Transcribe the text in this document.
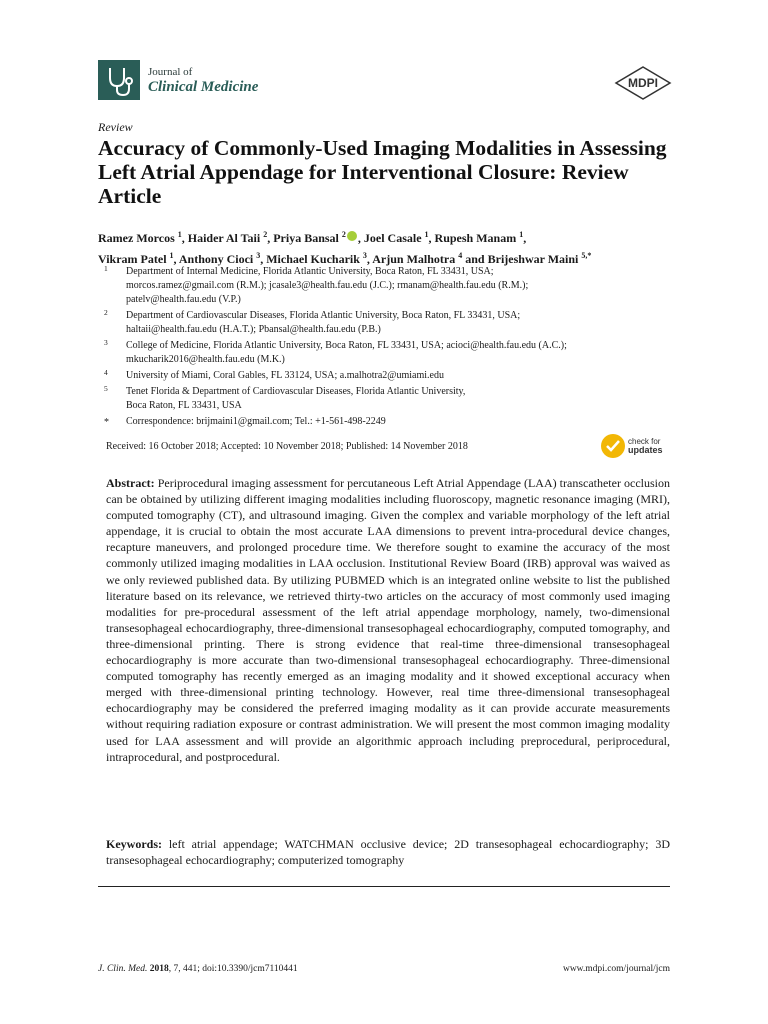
Journal of
Clinical Medicine	MDPI
Review
Accuracy of Commonly-Used Imaging Modalities in Assessing Left Atrial Appendage for Interventional Closure: Review Article
Ramez Morcos $^1$, Haider Al Taii $^2$, Priya Bansal $^2$ , Joel Casale $^1$, Rupesh Manam $^1$,
Vikram Patel $^1$, Anthony Cioci $^3$, Michael Kucharik $^3$, Arjun Malhotra $^4$ and Brijeshwar Maini $^{5,*}$
1 Department of Internal Medicine, Florida Atlantic University, Boca Raton, FL 33431, USA;
morcos.ramez@gmail.com (R.M.); jcasale3@health.fau.edu (J.C.); rmanam@health.fau.edu (R.M.);
patelv@health.fau.edu (V.P.)
2 Department of Cardiovascular Diseases, Florida Atlantic University, Boca Raton, FL 33431, USA;
haltaii@health.fau.edu (H.A.T.); Pbansal@health.fau.edu (P.B.)
3 College of Medicine, Florida Atlantic University, Boca Raton, FL 33431, USA; acioci@health.fau.edu (A.C.);
mkucharik2016@health.fau.edu (M.K.)
4 University of Miami, Coral Gables, FL 33124, USA; a.malhotra2@umiami.edu
5 Tenet Florida & Department of Cardiovascular Diseases, Florida Atlantic University,
Boca Raton, FL 33431, USA
* Correspondence: brijmaini1@gmail.com; Tel.: +1-561-498-2249
Received: 16 October 2018; Accepted: 10 November 2018; Published: 14 November 2018	check for
updates
Abstract: Periprocedural imaging assessment for percutaneous Left Atrial Appendage (LAA) transcatheter occlusion can be obtained by utilizing different imaging modalities including fluoroscopy, magnetic resonance imaging (MRI), computed tomography (CT), and ultrasound imaging. Given the complex and variable morphology of the left atrial appendage, it is crucial to obtain the most accurate LAA dimensions to prevent intra-procedural device changes, recapture maneuvers, and prolonged procedure time. We therefore sought to examine the accuracy of the most commonly utilized imaging modalities in LAA occlusion. Institutional Review Board (IRB) approval was waived as we only reviewed published data. By utilizing PUBMED which is an integrated online website to list the published literature based on its relevance, we retrieved thirty-two articles on the accuracy of most commonly used imaging modalities for pre-procedural assessment of the left atrial appendage morphology, namely, two-dimensional transesophageal echocardiography, three-dimensional transesophageal echocardiography, computed tomography, and three-dimensional printing. There is strong evidence that real-time three-dimensional transesophageal echocardiography is more accurate than two-dimensional transesophageal echocardiography. Three-dimensional computed tomography has recently emerged as an imaging modality and it showed exceptional accuracy when merged with three-dimensional printing technology. However, real time three-dimensional transesophageal echocardiography may be considered the preferred imaging modality as it can provide accurate measurements without requiring radiation exposure or contrast administration. We will present the most common imaging modality used for LAA assessment and will provide an algorithmic approach including preprocedural, periprocedural, intraprocedural, and postprocedural.
Keywords: left atrial appendage; WATCHMAN occlusive device; 2D transesophageal echocardiography; 3D transesophageal echocardiography; computerized tomography
J. Clin. Med. 2018, 7, 441; doi:10.3390/jcm7110441	www.mdpi.com/journal/jcm
